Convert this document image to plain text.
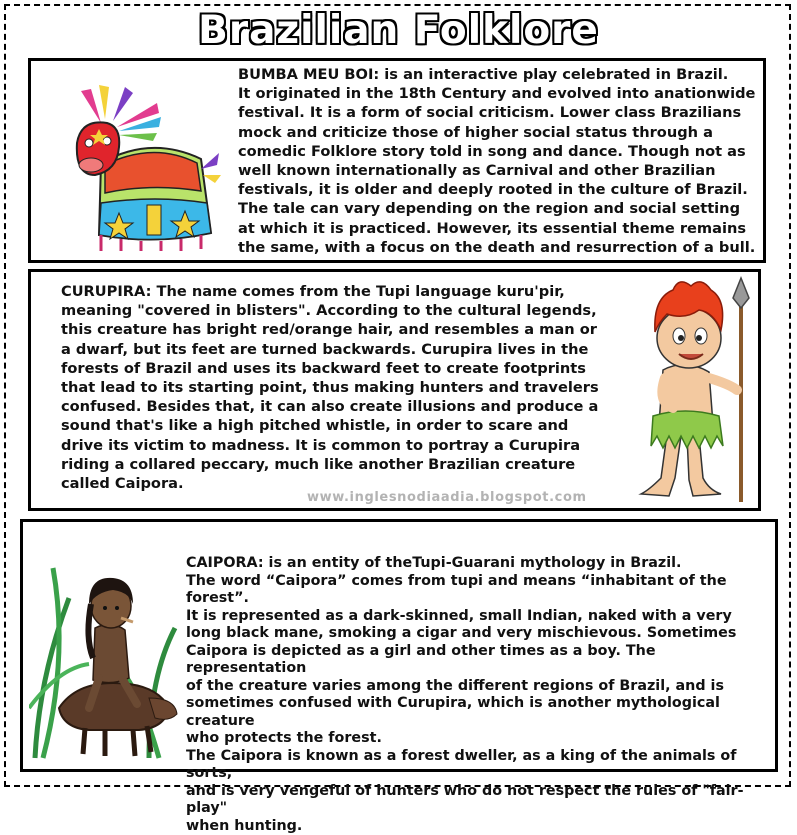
Brazilian Folklore
BUMBA MEU BOI: is an interactive play celebrated in Brazil.
It originated in the 18th Century and evolved into anationwide
festival. It is a form of social criticism. Lower class Brazilians
mock and criticize those of higher social status through a
comedic Folklore story told in song and dance. Though not as
well known internationally as Carnival and other Brazilian
festivals, it is older and deeply rooted in the culture of Brazil.
The tale can vary depending on the region and social setting
at which it is practiced. However, its essential theme remains
the same, with a focus on the death and resurrection of a bull.
CURUPIRA: The name comes from the Tupi language kuru'pir,
meaning "covered in blisters". According to the cultural legends,
this creature has bright red/orange hair, and resembles a man or
a dwarf, but its feet are turned backwards. Curupira lives in the
forests of Brazil and uses its backward feet to create footprints
that lead to its starting point, thus making hunters and travelers
confused. Besides that, it can also create illusions and produce a
sound that's like a high pitched whistle, in order to scare and
drive its victim to madness. It is common to portray a Curupira
riding a collared peccary, much like another Brazilian creature
called Caipora.
www.inglesnodiaadia.blogspot.com
CAIPORA: is an entity of theTupi-Guarani mythology in Brazil.
The word “Caipora” comes from tupi and means “inhabitant of the forest”.
It is represented as a dark-skinned, small Indian, naked with a very
long black mane, smoking a cigar and very mischievous. Sometimes
Caipora is depicted as a girl and other times as a boy. The representation
of the creature varies among the different regions of Brazil, and is
sometimes confused with Curupira, which is another mythological creature
who protects the forest.
The Caipora is known as a forest dweller, as a king of the animals of sorts,
and is very vengeful of hunters who do not respect the rules of "fair-play"
when hunting.
